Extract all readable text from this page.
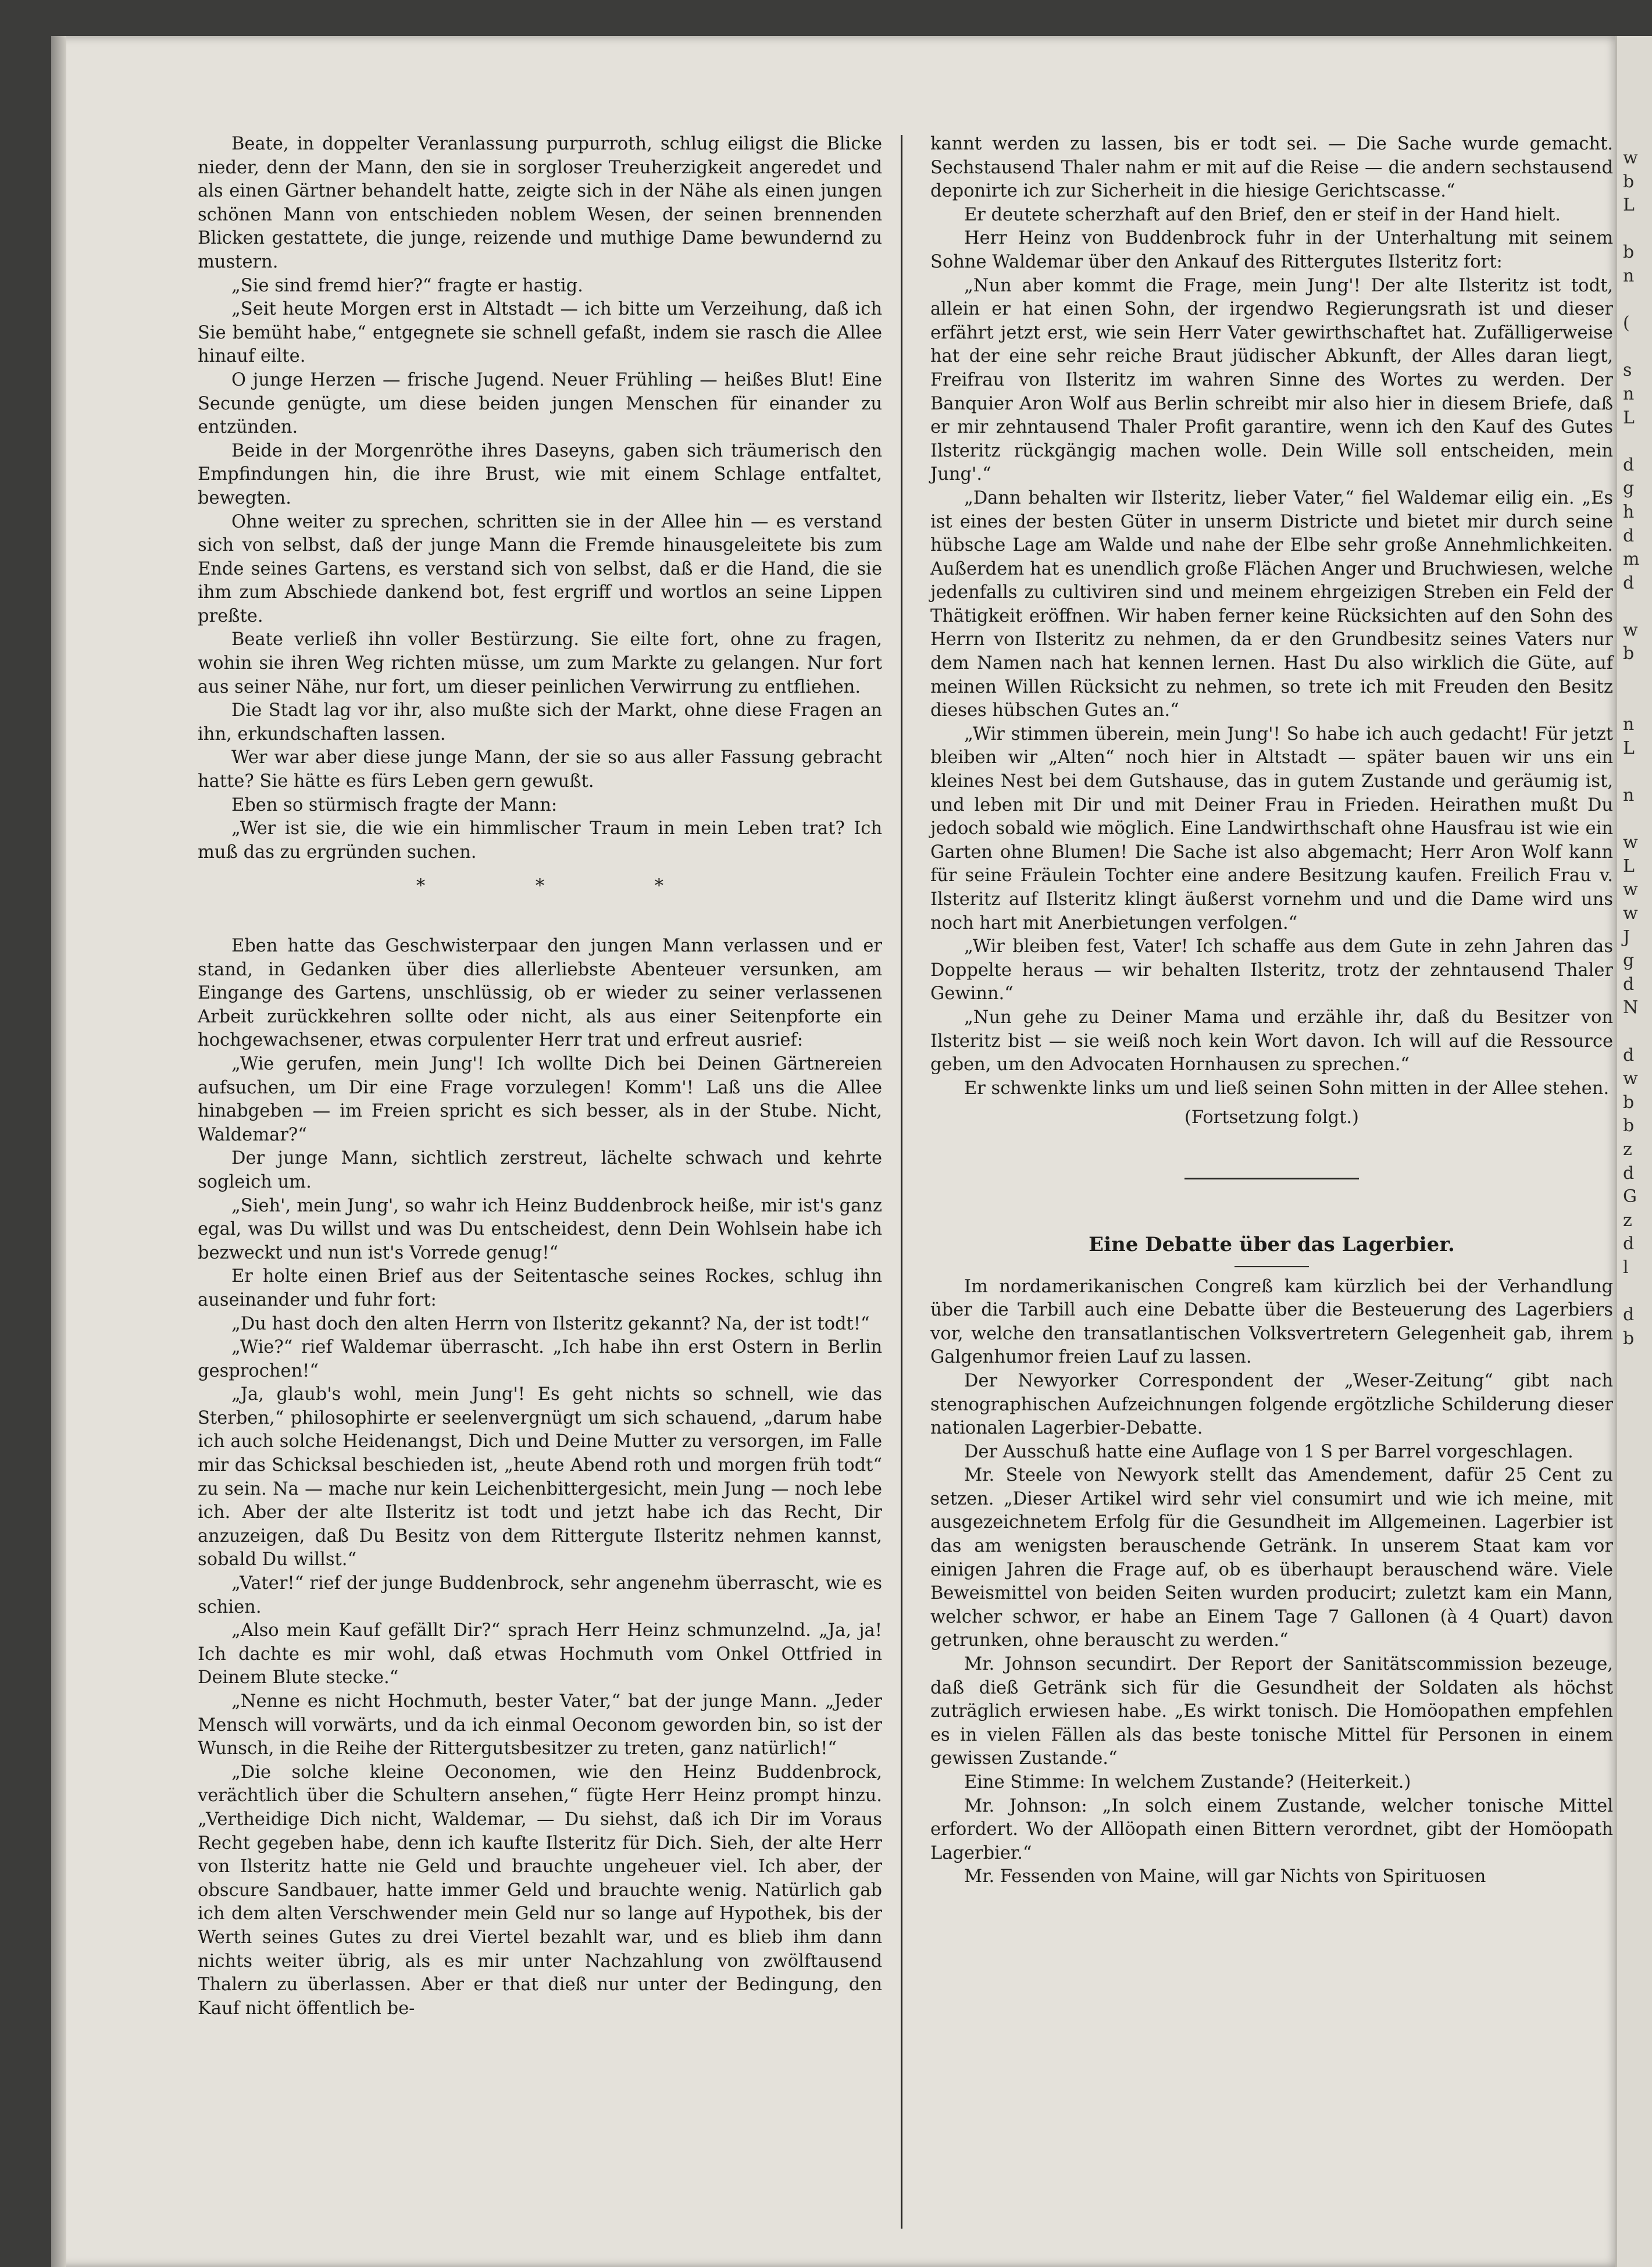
w
b
L

b
n

(

s
n
L

d
g
h
d
m
d

w
b

n
L

n

w
L
w
w
J
g
d
N

d
w
b
b
z
d
G
z
d
l

d
b

Beate, in doppelter Veranlassung purpurroth, schlug eiligst die Blicke nieder, denn der Mann, den sie in sorgloser Treuherzigkeit angeredet und als einen Gärtner behandelt hatte, zeigte sich in der Nähe als einen jungen schönen Mann von entschieden noblem Wesen, der seinen brennenden Blicken gestattete, die junge, reizende und muthige Dame bewundernd zu mustern.

„Sie sind fremd hier?“ fragte er hastig.

„Seit heute Morgen erst in Altstadt — ich bitte um Verzeihung, daß ich Sie bemüht habe,“ entgegnete sie schnell gefaßt, indem sie rasch die Allee hinauf eilte.

O junge Herzen — frische Jugend. Neuer Frühling — heißes Blut! Eine Secunde genügte, um diese beiden jungen Menschen für einander zu entzünden.

Beide in der Morgenröthe ihres Daseyns, gaben sich träumerisch den Empfindungen hin, die ihre Brust, wie mit einem Schlage entfaltet, bewegten.

Ohne weiter zu sprechen, schritten sie in der Allee hin — es verstand sich von selbst, daß der junge Mann die Fremde hinausgeleitete bis zum Ende seines Gartens, es verstand sich von selbst, daß er die Hand, die sie ihm zum Abschiede dankend bot, fest ergriff und wortlos an seine Lippen preßte.

Beate verließ ihn voller Bestürzung. Sie eilte fort, ohne zu fragen, wohin sie ihren Weg richten müsse, um zum Markte zu gelangen. Nur fort aus seiner Nähe, nur fort, um dieser peinlichen Verwirrung zu entfliehen.

Die Stadt lag vor ihr, also mußte sich der Markt, ohne diese Fragen an ihn, erkundschaften lassen.

Wer war aber diese junge Mann, der sie so aus aller Fassung gebracht hatte? Sie hätte es fürs Leben gern gewußt.

Eben so stürmisch fragte der Mann:

„Wer ist sie, die wie ein himmlischer Traum in mein Leben trat? Ich muß das zu ergründen suchen.

* * *

Eben hatte das Geschwisterpaar den jungen Mann verlassen und er stand, in Gedanken über dies allerliebste Abenteuer versunken, am Eingange des Gartens, unschlüssig, ob er wieder zu seiner verlassenen Arbeit zurückkehren sollte oder nicht, als aus einer Seitenpforte ein hochgewachsener, etwas corpulenter Herr trat und erfreut ausrief:

„Wie gerufen, mein Jung'! Ich wollte Dich bei Deinen Gärtnereien aufsuchen, um Dir eine Frage vorzulegen! Komm'! Laß uns die Allee hinabgeben — im Freien spricht es sich besser, als in der Stube. Nicht, Waldemar?“

Der junge Mann, sichtlich zerstreut, lächelte schwach und kehrte sogleich um.

„Sieh', mein Jung', so wahr ich Heinz Buddenbrock heiße, mir ist's ganz egal, was Du willst und was Du entscheidest, denn Dein Wohlsein habe ich bezweckt und nun ist's Vorrede genug!“

Er holte einen Brief aus der Seitentasche seines Rockes, schlug ihn auseinander und fuhr fort:

„Du hast doch den alten Herrn von Ilsteritz gekannt? Na, der ist todt!“

„Wie?“ rief Waldemar überrascht. „Ich habe ihn erst Ostern in Berlin gesprochen!“

„Ja, glaub's wohl, mein Jung'! Es geht nichts so schnell, wie das Sterben,“ philosophirte er seelenvergnügt um sich schauend, „darum habe ich auch solche Heidenangst, Dich und Deine Mutter zu versorgen, im Falle mir das Schicksal beschieden ist, „heute Abend roth und morgen früh todt“ zu sein. Na — mache nur kein Leichenbittergesicht, mein Jung — noch lebe ich. Aber der alte Ilsteritz ist todt und jetzt habe ich das Recht, Dir anzuzeigen, daß Du Besitz von dem Rittergute Ilsteritz nehmen kannst, sobald Du willst.“

„Vater!“ rief der junge Buddenbrock, sehr angenehm überrascht, wie es schien.

„Also mein Kauf gefällt Dir?“ sprach Herr Heinz schmunzelnd. „Ja, ja! Ich dachte es mir wohl, daß etwas Hochmuth vom Onkel Ottfried in Deinem Blute stecke.“

„Nenne es nicht Hochmuth, bester Vater,“ bat der junge Mann. „Jeder Mensch will vorwärts, und da ich einmal Oeconom geworden bin, so ist der Wunsch, in die Reihe der Rittergutsbesitzer zu treten, ganz natürlich!“

„Die solche kleine Oeconomen, wie den Heinz Buddenbrock, verächtlich über die Schultern ansehen,“ fügte Herr Heinz prompt hinzu. „Vertheidige Dich nicht, Waldemar, — Du siehst, daß ich Dir im Voraus Recht gegeben habe, denn ich kaufte Ilsteritz für Dich. Sieh, der alte Herr von Ilsteritz hatte nie Geld und brauchte ungeheuer viel. Ich aber, der obscure Sandbauer, hatte immer Geld und brauchte wenig. Natürlich gab ich dem alten Verschwender mein Geld nur so lange auf Hypothek, bis der Werth seines Gutes zu drei Viertel bezahlt war, und es blieb ihm dann nichts weiter übrig, als es mir unter Nachzahlung von zwölftausend Thalern zu überlassen. Aber er that dieß nur unter der Bedingung, den Kauf nicht öffentlich be-

kannt werden zu lassen, bis er todt sei. — Die Sache wurde gemacht. Sechstausend Thaler nahm er mit auf die Reise — die andern sechstausend deponirte ich zur Sicherheit in die hiesige Gerichtscasse.“

Er deutete scherzhaft auf den Brief, den er steif in der Hand hielt.

Herr Heinz von Buddenbrock fuhr in der Unterhaltung mit seinem Sohne Waldemar über den Ankauf des Rittergutes Ilsteritz fort:

„Nun aber kommt die Frage, mein Jung'! Der alte Ilsteritz ist todt, allein er hat einen Sohn, der irgendwo Regierungsrath ist und dieser erfährt jetzt erst, wie sein Herr Vater gewirthschaftet hat. Zufälligerweise hat der eine sehr reiche Braut jüdischer Abkunft, der Alles daran liegt, Freifrau von Ilsteritz im wahren Sinne des Wortes zu werden. Der Banquier Aron Wolf aus Berlin schreibt mir also hier in diesem Briefe, daß er mir zehntausend Thaler Profit garantire, wenn ich den Kauf des Gutes Ilsteritz rückgängig machen wolle. Dein Wille soll entscheiden, mein Jung'.“

„Dann behalten wir Ilsteritz, lieber Vater,“ fiel Waldemar eilig ein. „Es ist eines der besten Güter in unserm Districte und bietet mir durch seine hübsche Lage am Walde und nahe der Elbe sehr große Annehmlichkeiten. Außerdem hat es unendlich große Flächen Anger und Bruchwiesen, welche jedenfalls zu cultiviren sind und meinem ehrgeizigen Streben ein Feld der Thätigkeit eröffnen. Wir haben ferner keine Rücksichten auf den Sohn des Herrn von Ilsteritz zu nehmen, da er den Grundbesitz seines Vaters nur dem Namen nach hat kennen lernen. Hast Du also wirklich die Güte, auf meinen Willen Rücksicht zu nehmen, so trete ich mit Freuden den Besitz dieses hübschen Gutes an.“

„Wir stimmen überein, mein Jung'! So habe ich auch gedacht! Für jetzt bleiben wir „Alten“ noch hier in Altstadt — später bauen wir uns ein kleines Nest bei dem Gutshause, das in gutem Zustande und geräumig ist, und leben mit Dir und mit Deiner Frau in Frieden. Heirathen mußt Du jedoch sobald wie möglich. Eine Landwirthschaft ohne Hausfrau ist wie ein Garten ohne Blumen! Die Sache ist also abgemacht; Herr Aron Wolf kann für seine Fräulein Tochter eine andere Besitzung kaufen. Freilich Frau v. Ilsteritz auf Ilsteritz klingt äußerst vornehm und und die Dame wird uns noch hart mit Anerbietungen verfolgen.“

„Wir bleiben fest, Vater! Ich schaffe aus dem Gute in zehn Jahren das Doppelte heraus — wir behalten Ilsteritz, trotz der zehntausend Thaler Gewinn.“

„Nun gehe zu Deiner Mama und erzähle ihr, daß du Besitzer von Ilsteritz bist — sie weiß noch kein Wort davon. Ich will auf die Ressource geben, um den Advocaten Hornhausen zu sprechen.“

Er schwenkte links um und ließ seinen Sohn mitten in der Allee stehen.

(Fortsetzung folgt.)
Eine Debatte über das Lagerbier.

Im nordamerikanischen Congreß kam kürzlich bei der Verhandlung über die Tarbill auch eine Debatte über die Besteuerung des Lagerbiers vor, welche den transatlantischen Volksvertretern Gelegenheit gab, ihrem Galgenhumor freien Lauf zu lassen.

Der Newyorker Correspondent der „Weser-Zeitung“ gibt nach stenographischen Aufzeichnungen folgende ergötzliche Schilderung dieser nationalen Lagerbier-Debatte.

Der Ausschuß hatte eine Auflage von 1 S per Barrel vorgeschlagen.

Mr. Steele von Newyork stellt das Amendement, dafür 25 Cent zu setzen. „Dieser Artikel wird sehr viel consumirt und wie ich meine, mit ausgezeichnetem Erfolg für die Gesundheit im Allgemeinen. Lagerbier ist das am wenigsten berauschende Getränk. In unserem Staat kam vor einigen Jahren die Frage auf, ob es überhaupt berauschend wäre. Viele Beweismittel von beiden Seiten wurden producirt; zuletzt kam ein Mann, welcher schwor, er habe an Einem Tage 7 Gallonen (à 4 Quart) davon getrunken, ohne berauscht zu werden.“

Mr. Johnson secundirt. Der Report der Sanitätscommission bezeuge, daß dieß Getränk sich für die Gesundheit der Soldaten als höchst zuträglich erwiesen habe. „Es wirkt tonisch. Die Homöopathen empfehlen es in vielen Fällen als das beste tonische Mittel für Personen in einem gewissen Zustande.“

Eine Stimme: In welchem Zustande? (Heiterkeit.)

Mr. Johnson: „In solch einem Zustande, welcher tonische Mittel erfordert. Wo der Allöopath einen Bittern verordnet, gibt der Homöopath Lagerbier.“

Mr. Fessenden von Maine, will gar Nichts von Spirituosen
